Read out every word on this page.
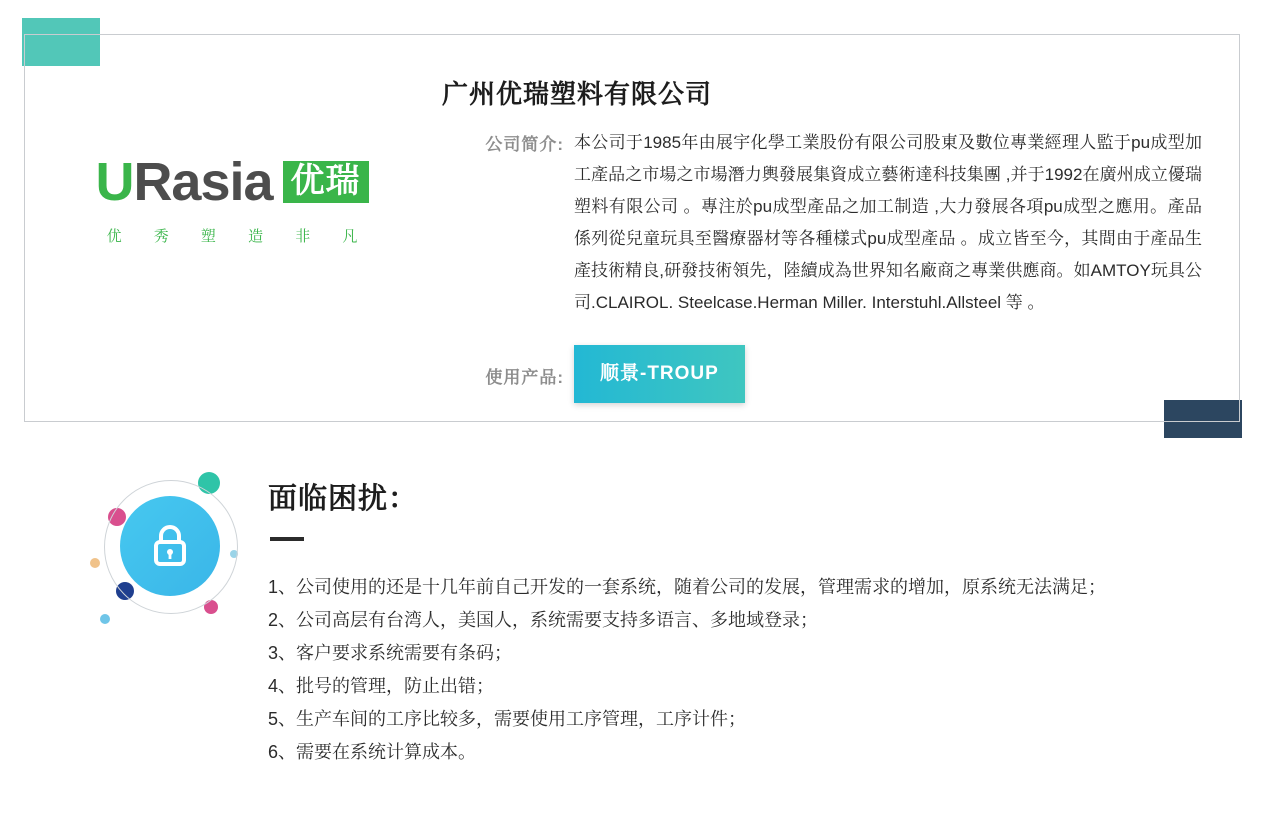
URasia 优瑞
优 秀 塑 造 非 凡
广州优瑞塑料有限公司
公司简介: 本公司于1985年由展宇化學工業股份有限公司股東及數位專業經理人監于pu成型加工產品之市場之市場潛力輿發展集資成立藝術達科技集團 ,并于1992在廣州成立優瑞塑料有限公司 。專注於pu成型產品之加工制造 ,大力發展各項pu成型之應用。產品係列從兒童玩具至醫療器材等各種樣式pu成型產品 。成立皆至今，其間由于產品生產技術精良,研發技術領先，陸續成為世界知名廠商之專業供應商。如AMTOY玩具公司.CLAIROL. Steelcase.Herman Miller. Interstuhl.Allsteel 等 。
使用产品:	顺景-TROUP
面临困扰：
1、公司使用的还是十几年前自己开发的一套系统，随着公司的发展，管理需求的增加，原系统无法满足；
2、公司高层有台湾人，美国人，系统需要支持多语言、多地域登录；
3、客户要求系统需要有条码；
4、批号的管理，防止出错；
5、生产车间的工序比较多，需要使用工序管理，工序计件；
6、需要在系统计算成本。
